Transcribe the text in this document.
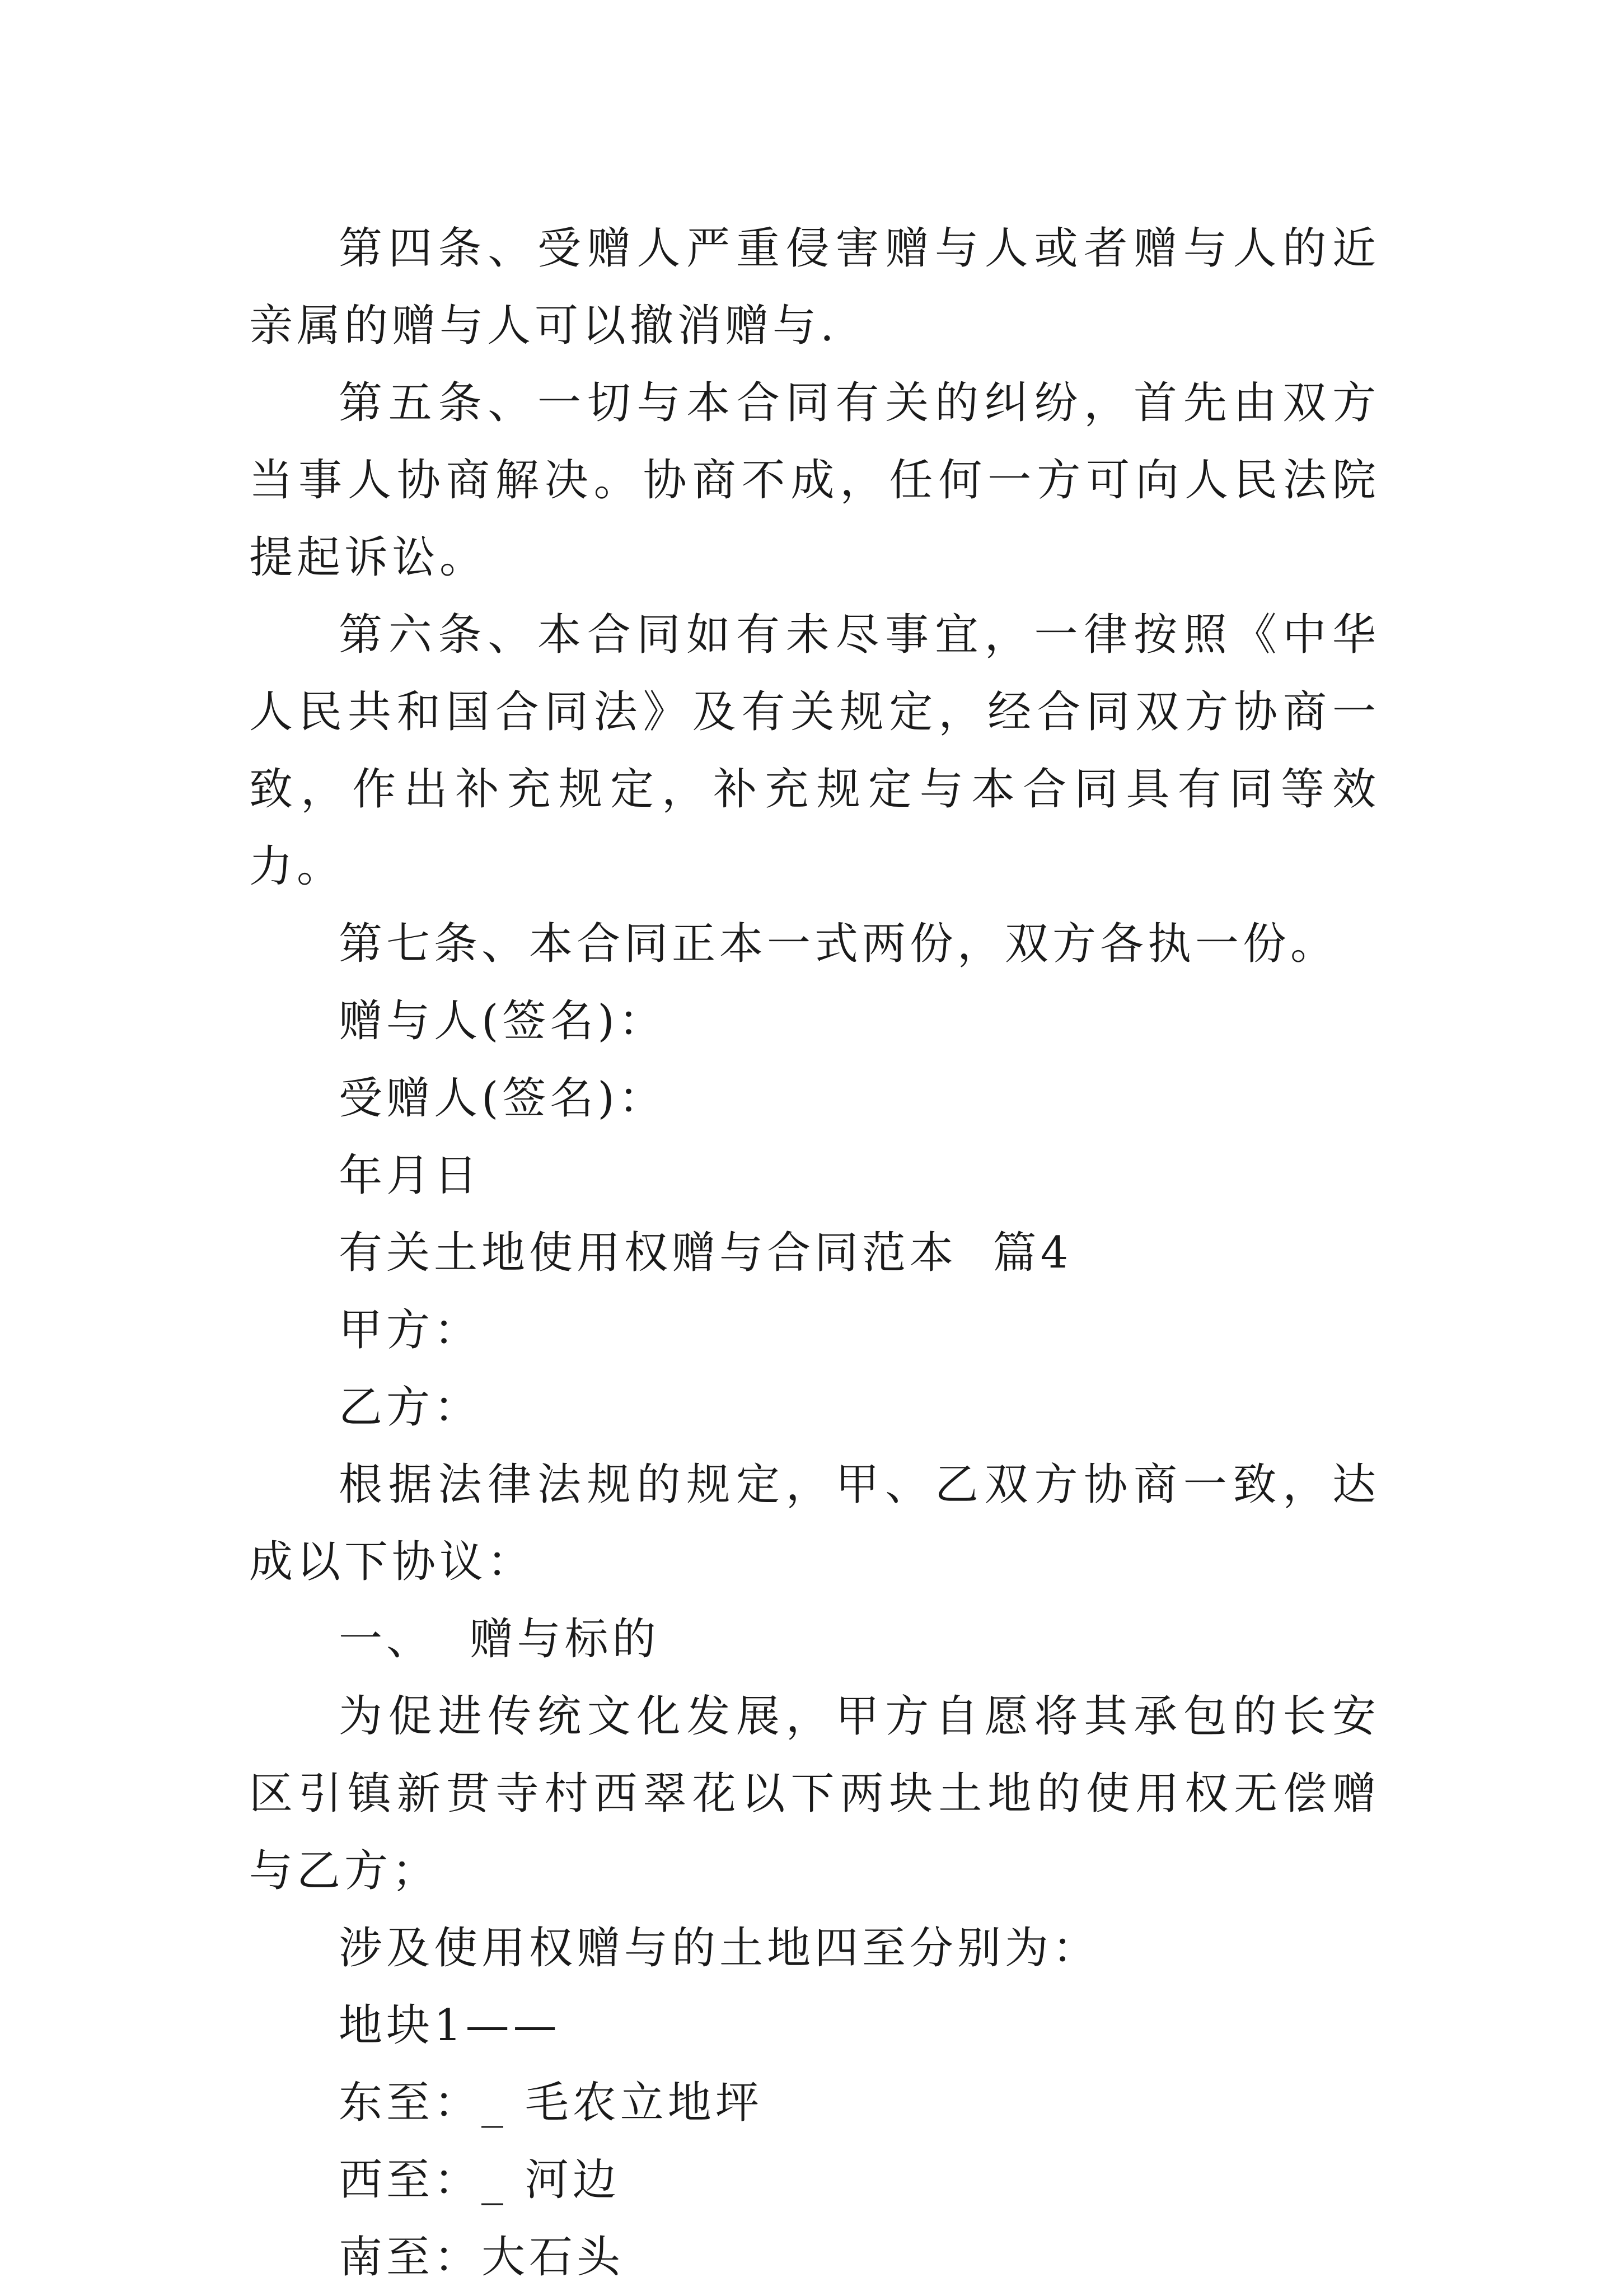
第四条、受赠人严重侵害赠与人或者赠与人的近亲属的赠与人可以撤消赠与.

第五条、一切与本合同有关的纠纷，首先由双方当事人协商解决。协商不成，任何一方可向人民法院提起诉讼。

第六条、本合同如有未尽事宜，一律按照《中华人民共和国合同法》及有关规定，经合同双方协商一致，作出补充规定，补充规定与本合同具有同等效力。

第七条、本合同正本一式两份，双方各执一份。

赠与人(签名)：

受赠人(签名)：

年月日

有关土地使用权赠与合同范本  篇4

甲方：

乙方：

根据法律法规的规定，甲、乙双方协商一致，达成以下协议：

一、  赠与标的

为促进传统文化发展，甲方自愿将其承包的长安区引镇新贯寺村西翠花以下两块土地的使用权无偿赠与乙方；

涉及使用权赠与的土地四至分别为：

地块1——

东至：_ 毛农立地坪

西至：_ 河边

南至：大石头
